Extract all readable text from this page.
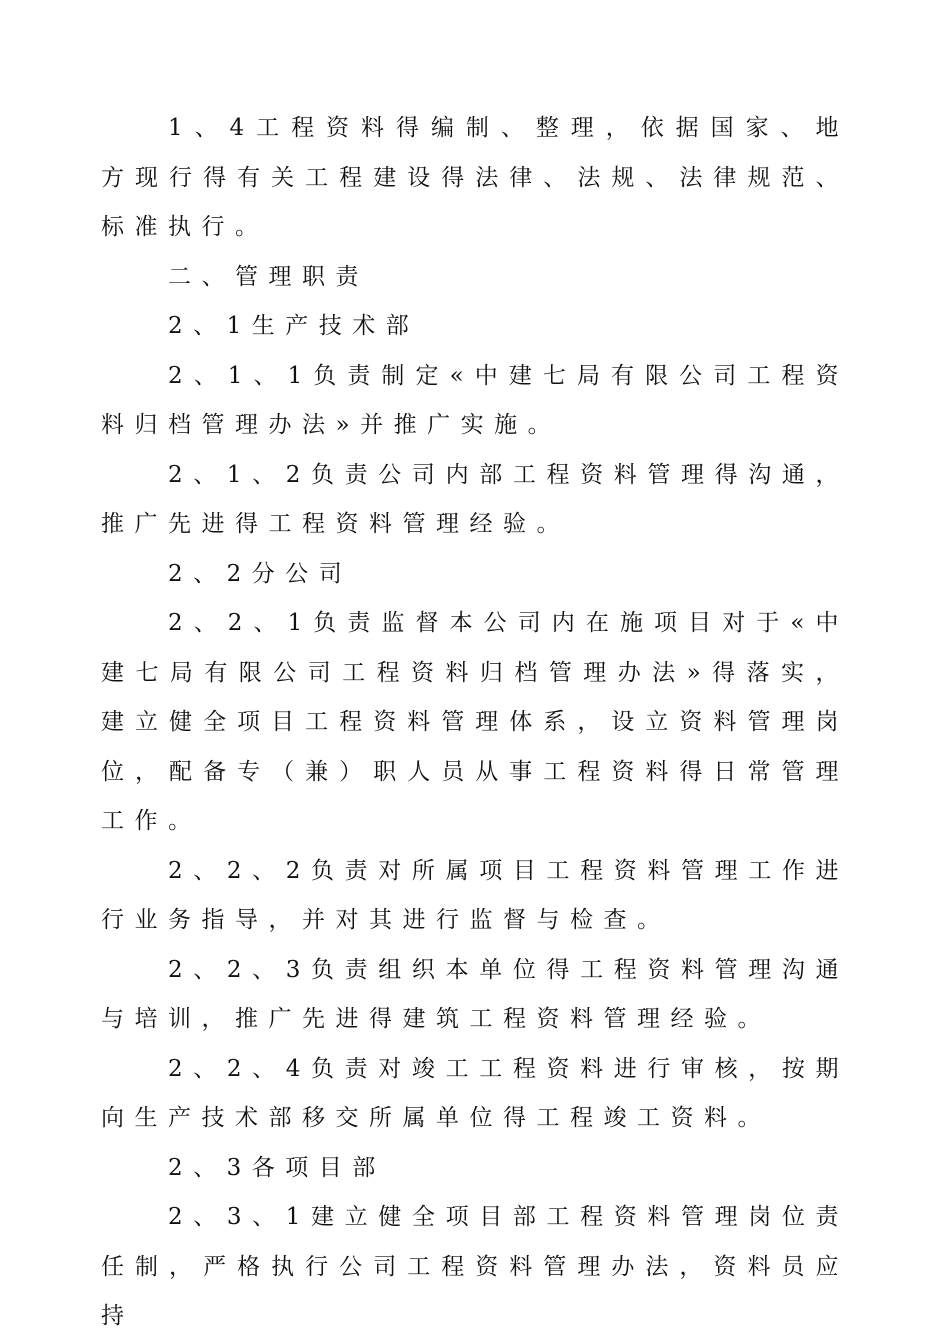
1、4工程资料得编制、整理，依据国家、地方现行得有关工程建设得法律、法规、法律规范、标准执行。

二、管理职责

2、1生产技术部

2、1、1负责制定«中建七局有限公司工程资料归档管理办法»并推广实施。

2、1、2负责公司内部工程资料管理得沟通，推广先进得工程资料管理经验。

2、2分公司

2、2、1负责监督本公司内在施项目对于«中建七局有限公司工程资料归档管理办法»得落实，建立健全项目工程资料管理体系，设立资料管理岗位，配备专（兼）职人员从事工程资料得日常管理工作。

2、2、2负责对所属项目工程资料管理工作进行业务指导，并对其进行监督与检查。

2、2、3负责组织本单位得工程资料管理沟通与培训，推广先进得建筑工程资料管理经验。

2、2、4负责对竣工工程资料进行审核，按期向生产技术部移交所属单位得工程竣工资料。

2、3各项目部

2、3、1建立健全项目部工程资料管理岗位责任制，严格执行公司工程资料管理办法，资料员应持
